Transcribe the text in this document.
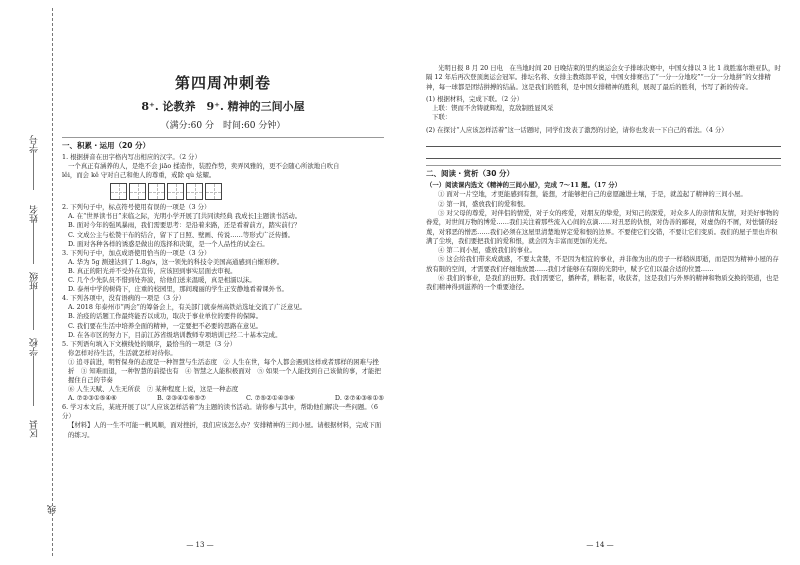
学号
姓名
班级
学校
区县
线
第四周冲刺卷
8⁺. 论教养　9⁺. 精神的三间小屋
（满分:60 分　时间:60 分钟）
一、积累・运用（20 分）

1. 根据拼音在田字格内写出相应的汉字。（2 分）

一个真正有涵养的人，是绝不会 jiāo 揉造作，装腔作势，卖弄风雅的，更不会随心所欲地自吹自

lěi，而会 kě 守对自己和他人的尊重，戒除 qù 炫耀。

2. 下列句子中，标点符号使用有误的一项是（3 分）

A. 在“世界读书日”来临之际，光明小学开展了[共同读经典 我成长]主题读书活动。

B. 面对今年的强风暴雨，我们需要思考：是沿着来路，还是看着前方，踏实前行？

C. 文成公主与松赞干布的结合，留下了日照、壁画、传说……等形式广泛传播。

D. 面对各种各样的诱惑是做出的选择和决策，是一个人品性的试金石。

3. 下列句子中，加点成语使用恰当的一项是（3 分）

A. 华为 5g 测速达到了 1.8g/s，这一领先的科技令美国高通感到自惭形秽。

B. 真正的阳光并不受外在宣传，应该回到事实层面去审视。

C. 几个少先队员不惜到处奔波，给他们送来温暖，真是相濡以沫。

D. 泰州中学的树倚下，庄重的校园里，那间瑰丽的学生正安静地看着课外书。

4. 下列各项中，没有语病的一项是（3 分）

A. 2018 年泰州市“两会”的筹备会上，有关部门就泰州高铁站选址交流了广泛意见。

B. 治疫的话题工作最终能否以成功，取决于事业单位的要件的保障。

C. 我们要在生活中培养全面的精神，一定要把不必要的思路在意见。

D. 在各市区的努力下，目前江苏省级培训教师专项培训已经二十基本完成。

5. 下列语句填入下文横线处的顺序，最恰当的一项是（3 分）

你怎样对待生活，生活就怎样对待你。

① 追寻前进，明哲保身的态度是一种智慧与生活态度　② 人生在世，每个人都会遇到这样或者那样的困难与挫折　③ 知难而退，一种智慧的前提也有　④ 智慧之人能积极面对　⑤ 如果一个人能找到自己该做的事，才能把握住自己的节奏

⑥ 人生天赋、人生无所获　⑦ 某种程度上说，这是一种态度

A. ⑦②③①⑤④⑥	B. ②③④①⑥⑤⑦	C. ⑦⑤②①④③⑥	D. ②⑦④③⑥①⑤

6. 学习本文后，某班开展了以“人应该怎样活着”为主题的读书活动。请你参与其中，帮助他们解决一些问题。（6 分）

【材料】人的一生不可能一帆风顺，面对挫折，我们应该怎么办？安排精神的三间小屋。请根据材料，完成下面的练习。

— 13 —

光明日报 8 月 20 日电　在当地时间 20 日晚结束的里约奥运会女子排球决赛中，中国女排以 3 比 1 战胜塞尔维亚队，时隔 12 年后再次登顶奥运会冠军。排坛名将、女排主教练郎平说，中国女排赛出了“一分一分地咬”“一分一分地拼”的女排精神，每一球都是团结拼搏的结晶。这是我们的胜利，是中国女排精神的胜利，展现了最后的胜利，书写了新的传奇。

(1) 根据材料，完成下联。（2 分）

上联：锲而不舍铸就辉煌，克敌制胜显风采

下联：

(2) 在探讨“人应该怎样活着”这一话题时，同学们发表了激烈的讨论，请你也发表一下自己的看法。（4 分）

二、阅读・赏析（30 分）

（一）阅读课内选文《精神的三间小屋》，完成 7～11 题。（17 分）

① 面对一片空地，才更能感到有想，能想，才能够把自己的意愿融进土壤，于是，就盖起了精神的三间小屋。

② 第一间，盛放我们的爱和恨。

③ 对父母的尊爱，对伴侣的情爱，对子女的疼爱，对朋友的挚爱，对知己的深爱，对众多人的亲情和友情，对美好事物的眷爱，对世间万物的博爱……我们关注着那些流入心间的点滴……对丑恶的仇恨，对伪善的鄙视，对虚伪的不屑，对怯懦的轻蔑，对邪恶的憎恶……我们必须在这屋里清楚地界定爱和恨的边界。不要使它们交错，不要让它们变质。我们的屋子里也许积满了尘埃，我们要把我们的爱和恨，就会因为丰富而更加的光亮。

④ 第二间小屋，盛放我们的事业。

⑤ 这会给我们带来成就感，不要太贪婪，不是因为相宜的事业，并非像为出的房子一样稍纵即逝，而是因为精神小屋的存放有限的空间，才需要我们仔细地放置……我们才能够在有限的光阴中，赋予它们以最合适的位置……

⑥ 我们的事业，是我们的田野。我们需要它，播种者，耕耘者，收获者，这是我们与外界的精神和物质交换的渠道，也是我们精神得到滋养的一个重要途径。

— 14 —
